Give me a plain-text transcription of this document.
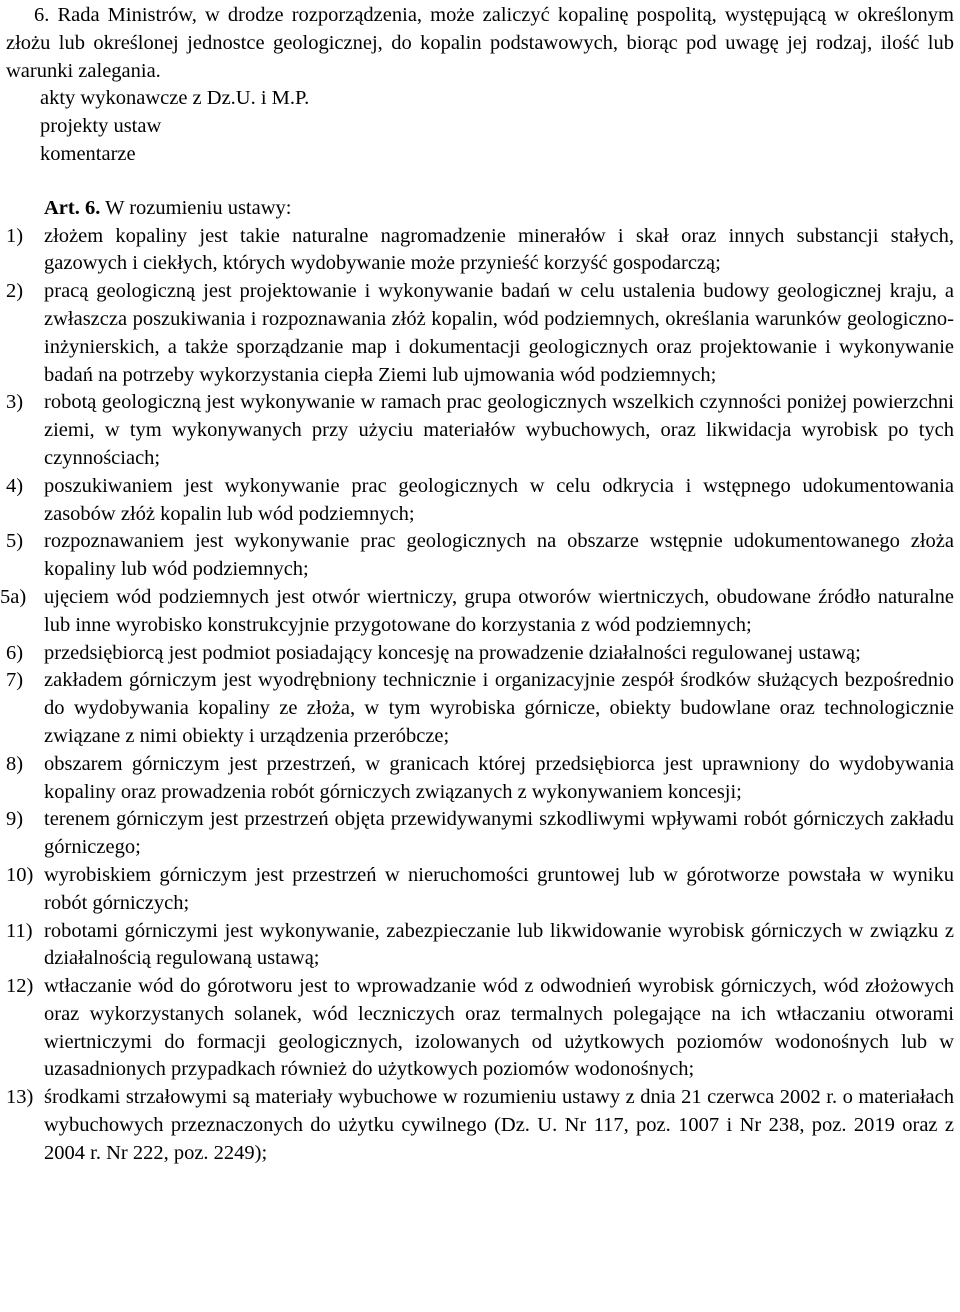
6. Rada Ministrów, w drodze rozporządzenia, może zaliczyć kopalinę pospolitą, występującą w określonym złożu lub określonej jednostce geologicznej, do kopalin podstawowych, biorąc pod uwagę jej rodzaj, ilość lub warunki zalegania.

akty wykonawcze z Dz.U. i M.P.
projekty ustaw
komentarze
Art. 6. W rozumieniu ustawy:
1)	złożem kopaliny jest takie naturalne nagromadzenie minerałów i skał oraz innych substancji stałych, gazowych i ciekłych, których wydobywanie może przynieść korzyść gospodarczą;
2)	pracą geologiczną jest projektowanie i wykonywanie badań w celu ustalenia budowy geologicznej kraju, a zwłaszcza poszukiwania i rozpoznawania złóż kopalin, wód podziemnych, określania warunków geologiczno-inżynierskich, a także sporządzanie map i dokumentacji geologicznych oraz projektowanie i wykonywanie badań na potrzeby wykorzystania ciepła Ziemi lub ujmowania wód podziemnych;
3)	robotą geologiczną jest wykonywanie w ramach prac geologicznych wszelkich czynności poniżej powierzchni ziemi, w tym wykonywanych przy użyciu materiałów wybuchowych, oraz likwidacja wyrobisk po tych czynnościach;
4)	poszukiwaniem jest wykonywanie prac geologicznych w celu odkrycia i wstępnego udokumentowania zasobów złóż kopalin lub wód podziemnych;
5)	rozpoznawaniem jest wykonywanie prac geologicznych na obszarze wstępnie udokumentowanego złoża kopaliny lub wód podziemnych;
5a) ujęciem wód podziemnych jest otwór wiertniczy, grupa otworów wiertniczych, obudowane źródło naturalne lub inne wyrobisko konstrukcyjnie przygotowane do korzystania z wód podziemnych;
6)	przedsiębiorcą jest podmiot posiadający koncesję na prowadzenie działalności regulowanej ustawą;
7)	zakładem górniczym jest wyodrębniony technicznie i organizacyjnie zespół środków służących bezpośrednio do wydobywania kopaliny ze złoża, w tym wyrobiska górnicze, obiekty budowlane oraz technologicznie związane z nimi obiekty i urządzenia przeróbcze;
8)	obszarem górniczym jest przestrzeń, w granicach której przedsiębiorca jest uprawniony do wydobywania kopaliny oraz prowadzenia robót górniczych związanych z wykonywaniem koncesji;
9)	terenem górniczym jest przestrzeń objęta przewidywanymi szkodliwymi wpływami robót górniczych zakładu górniczego;
10) wyrobiskiem górniczym jest przestrzeń w nieruchomości gruntowej lub w górotworze powstała w wyniku robót górniczych;
11) robotami górniczymi jest wykonywanie, zabezpieczanie lub likwidowanie wyrobisk górniczych w związku z działalnością regulowaną ustawą;
12) wtłaczanie wód do górotworu jest to wprowadzanie wód z odwodnień wyrobisk górniczych, wód złożowych oraz wykorzystanych solanek, wód leczniczych oraz termalnych polegające na ich wtłaczaniu otworami wiertniczymi do formacji geologicznych, izolowanych od użytkowych poziomów wodonośnych lub w uzasadnionych przypadkach również do użytkowych poziomów wodonośnych;
13) środkami strzałowymi są materiały wybuchowe w rozumieniu ustawy z dnia 21 czerwca 2002 r. o materiałach wybuchowych przeznaczonych do użytku cywilnego (Dz. U. Nr 117, poz. 1007 i Nr 238, poz. 2019 oraz z 2004 r. Nr 222, poz. 2249);
